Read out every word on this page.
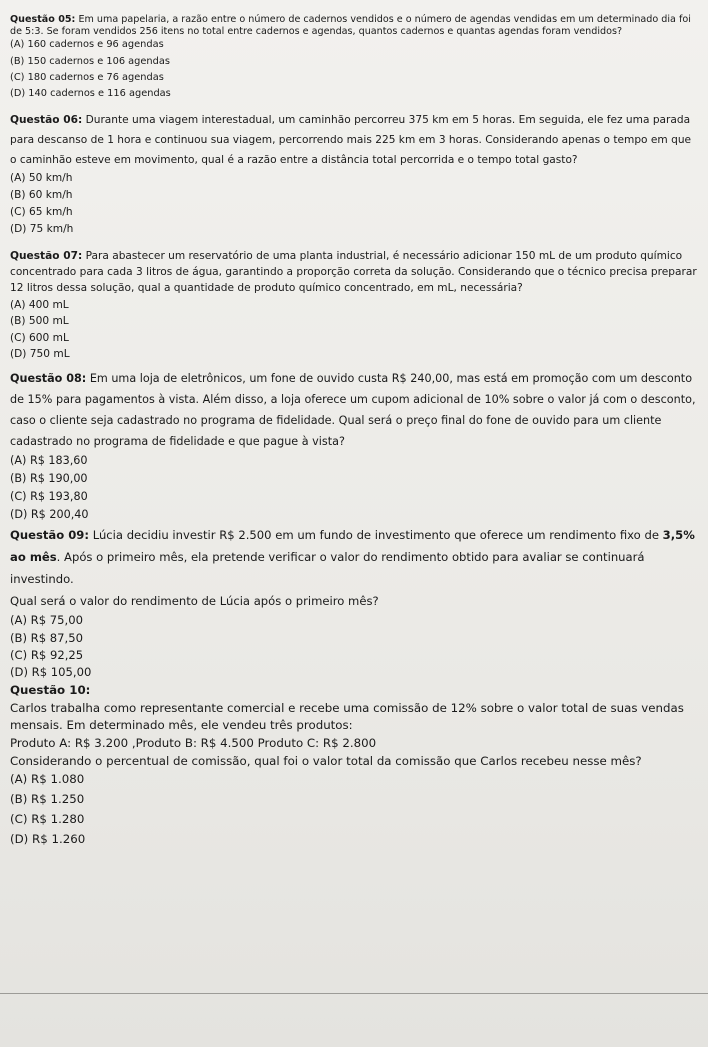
Questão 05: Em uma papelaria, a razão entre o número de cadernos vendidos e o número de agendas vendidas em um determinado dia foi de 5:3. Se foram vendidos 256 itens no total entre cadernos e agendas, quantos cadernos e quantas agendas foram vendidos?

(A) 160 cadernos e 96 agendas

(B) 150 cadernos e 106 agendas

(C) 180 cadernos e 76 agendas

(D) 140 cadernos e 116 agendas

Questão 06: Durante uma viagem interestadual, um caminhão percorreu 375 km em 5 horas. Em seguida, ele fez uma parada para descanso de 1 hora e continuou sua viagem, percorrendo mais 225 km em 3 horas. Considerando apenas o tempo em que o caminhão esteve em movimento, qual é a razão entre a distância total percorrida e o tempo total gasto?

(A) 50 km/h

(B) 60 km/h

(C) 65 km/h

(D) 75 km/h

Questão 07: Para abastecer um reservatório de uma planta industrial, é necessário adicionar 150 mL de um produto químico concentrado para cada 3 litros de água, garantindo a proporção correta da solução. Considerando que o técnico precisa preparar 12 litros dessa solução, qual a quantidade de produto químico concentrado, em mL, necessária?

(A) 400 mL

(B) 500 mL

(C) 600 mL

(D) 750 mL

Questão 08: Em uma loja de eletrônicos, um fone de ouvido custa R$ 240,00, mas está em promoção com um desconto de 15% para pagamentos à vista. Além disso, a loja oferece um cupom adicional de 10% sobre o valor já com o desconto, caso o cliente seja cadastrado no programa de fidelidade. Qual será o preço final do fone de ouvido para um cliente cadastrado no programa de fidelidade e que pague à vista?

(A) R$ 183,60

(B) R$ 190,00

(C) R$ 193,80

(D) R$ 200,40

Questão 09: Lúcia decidiu investir R$ 2.500 em um fundo de investimento que oferece um rendimento fixo de 3,5% ao mês. Após o primeiro mês, ela pretende verificar o valor do rendimento obtido para avaliar se continuará investindo.

Qual será o valor do rendimento de Lúcia após o primeiro mês?

(A) R$ 75,00

(B) R$ 87,50

(C) R$ 92,25

(D) R$ 105,00

Questão 10:

Carlos trabalha como representante comercial e recebe uma comissão de 12% sobre o valor total de suas vendas mensais. Em determinado mês, ele vendeu três produtos:

Produto A: R$ 3.200 ,Produto B: R$ 4.500 Produto C: R$ 2.800

Considerando o percentual de comissão, qual foi o valor total da comissão que Carlos recebeu nesse mês?

(A) R$ 1.080

(B) R$ 1.250

(C) R$ 1.280

(D) R$ 1.260
